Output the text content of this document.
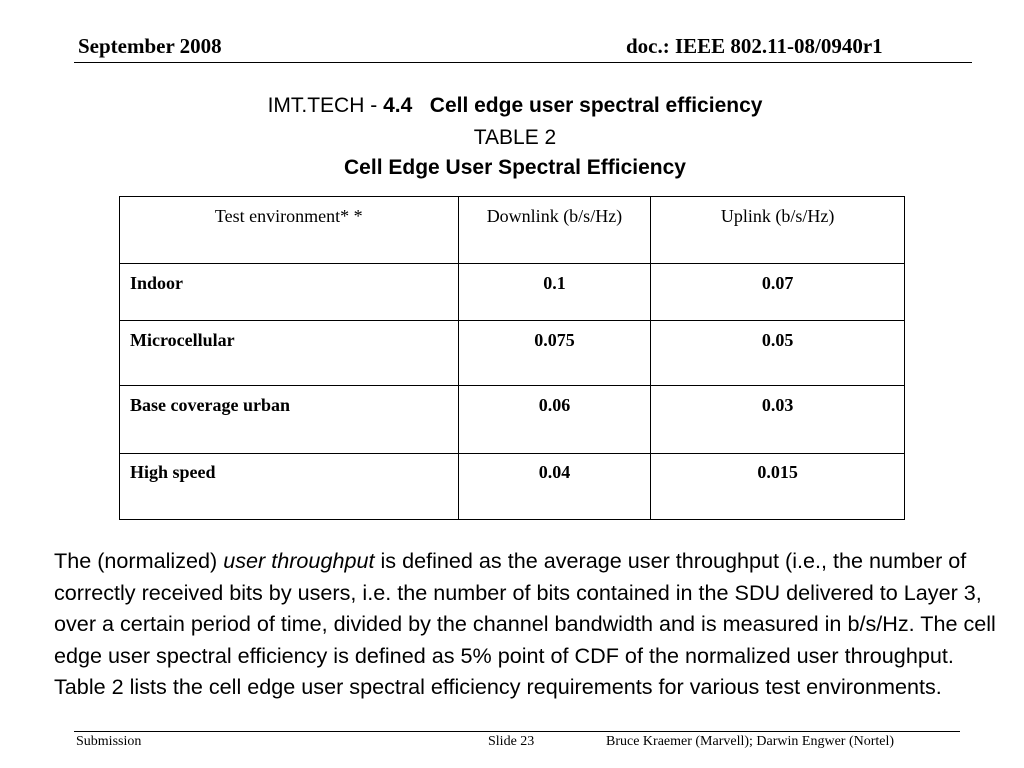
September 2008	doc.: IEEE 802.11-08/0940r1
IMT.TECH - 4.4 Cell edge user spectral efficiency
TABLE 2
Cell Edge User Spectral Efficiency
Test environment* *	Downlink (b/s/Hz)	Uplink (b/s/Hz)
Indoor	0.1	0.07
Microcellular	0.075	0.05
Base coverage urban	0.06	0.03
High speed	0.04	0.015
The (normalized) user throughput is defined as the average user throughput (i.e., the number of correctly received bits by users, i.e. the number of bits contained in the SDU delivered to Layer 3, over a certain period of time, divided by the channel bandwidth and is measured in b/s/Hz. The cell edge user spectral efficiency is defined as 5% point of CDF of the normalized user throughput. Table 2 lists the cell edge user spectral efficiency requirements for various test environments.
Submission	Slide 23	Bruce Kraemer (Marvell); Darwin Engwer (Nortel)
